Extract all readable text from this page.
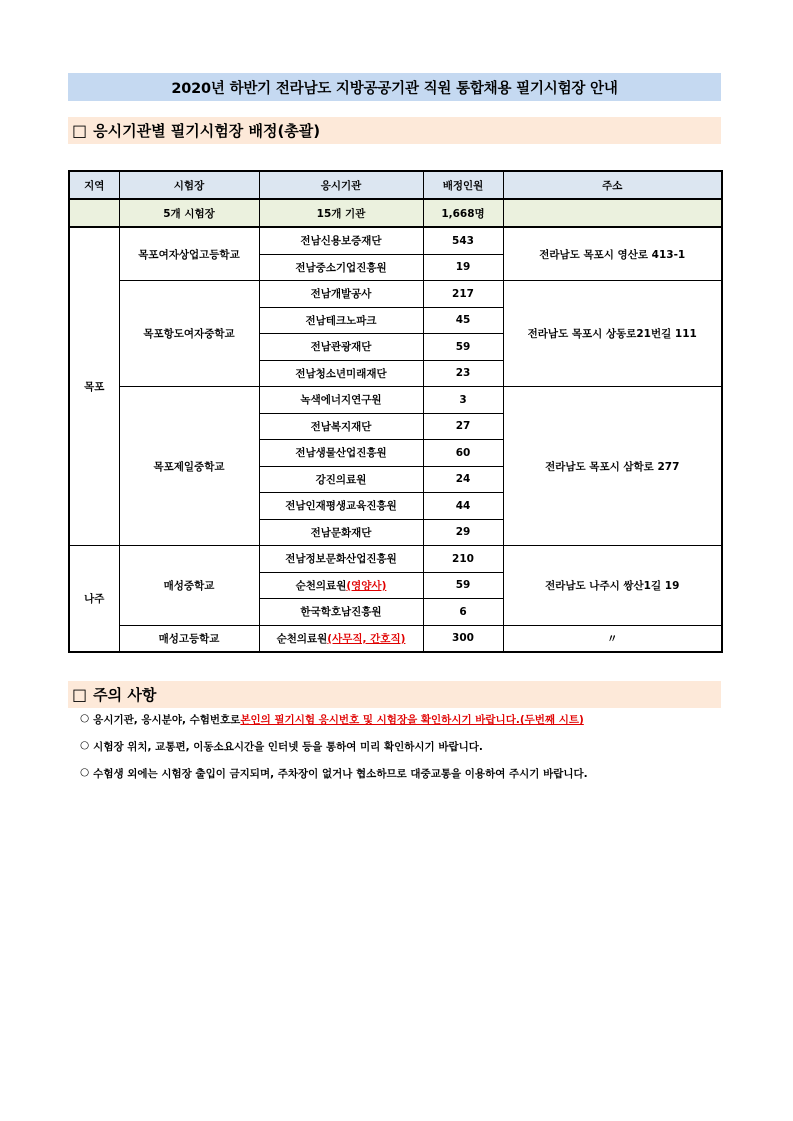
2020년 하반기 전라남도 지방공공기관 직원 통합채용 필기시험장 안내
□ 응시기관별 필기시험장 배정(총괄)
지역	시험장	응시기관	배정인원	주소
	5개 시험장	15개 기관	1,668명	
목포	목포여자상업고등학교	전남신용보증재단	543	전라남도 목포시 영산로 413-1
		전남중소기업진흥원	19	
	목포항도여자중학교	전남개발공사	217	전라남도 목포시 상동로21번길 111
		전남테크노파크	45	
		전남관광재단	59	
		전남청소년미래재단	23	
	목포제일중학교	녹색에너지연구원	3	전라남도 목포시 삼학로 277
		전남복지재단	27	
		전남생물산업진흥원	60	
		강진의료원	24	
		전남인재평생교육진흥원	44	
		전남문화재단	29	
나주	매성중학교	전남정보문화산업진흥원	210	전라남도 나주시 쌍산1길 19
		순천의료원(영양사)	59	
		한국학호남진흥원	6	
	매성고등학교	순천의료원(사무직, 간호직)	300	〃
□ 주의 사항
○ 응시기관, 응시분야, 수험번호로 본인의 필기시험 응시번호 및 시험장을 확인하시기 바랍니다.(두번째 시트)
○ 시험장 위치, 교통편, 이동소요시간을 인터넷 등을 통하여 미리 확인하시기 바랍니다.
○ 수험생 외에는 시험장 출입이 금지되며, 주차장이 없거나 협소하므로 대중교통을 이용하여 주시기 바랍니다.
